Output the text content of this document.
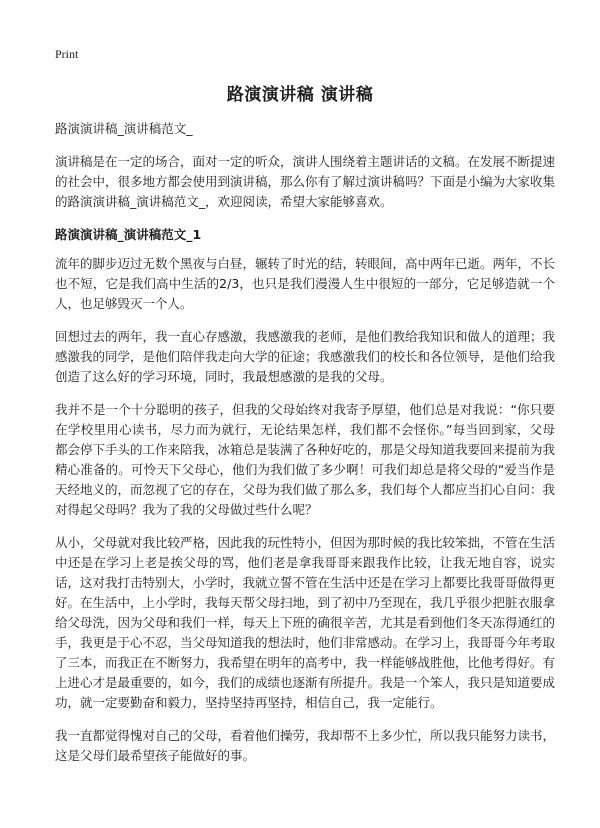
Print
路演演讲稿 演讲稿

路演演讲稿_演讲稿范文_

演讲稿是在一定的场合，面对一定的听众，演讲人围绕着主题讲话的文稿。在发展不断提速的社会中，很多地方都会使用到演讲稿，那么你有了解过演讲稿吗？下面是小编为大家收集的路演演讲稿_演讲稿范文_，欢迎阅读，希望大家能够喜欢。

路演演讲稿_演讲稿范文_1

流年的脚步迈过无数个黑夜与白昼，辗转了时光的结，转眼间，高中两年已逝。两年，不长也不短，它是我们高中生活的2/3，也只是我们漫漫人生中很短的一部分，它足够造就一个人，也足够毁灭一个人。

回想过去的两年，我一直心存感激，我感激我的老师，是他们教给我知识和做人的道理；我感激我的同学，是他们陪伴我走向大学的征途；我感激我们的校长和各位领导，是他们给我创造了这么好的学习环境，同时，我最想感激的是我的父母。

我并不是一个十分聪明的孩子，但我的父母始终对我寄予厚望，他们总是对我说：“你只要在学校里用心读书，尽力而为就行，无论结果怎样，我们都不会怪你。”每当回到家，父母都会停下手头的工作来陪我，冰箱总是装满了各种好吃的，那是父母知道我要回来提前为我精心准备的。可怜天下父母心，他们为我们做了多少啊！可我们却总是将父母的“爱当作是天经地义的，而忽视了它的存在，父母为我们做了那么多，我们每个人都应当扪心自问：我对得起父母吗？我为了我的父母做过些什么呢？

从小，父母就对我比较严格，因此我的玩性特小，但因为那时候的我比较笨拙，不管在生活中还是在学习上老是挨父母的骂，他们老是拿我哥哥来跟我作比较，让我无地自容，说实话，这对我打击特别大，小学时，我就立誓不管在生活中还是在学习上都要比我哥哥做得更好。在生活中，上小学时，我每天帮父母扫地，到了初中乃至现在，我几乎很少把脏衣服拿给父母洗，因为父母和我们一样，每天上下班的确很辛苦，尤其是看到他们冬天冻得通红的手，我更是于心不忍，当父母知道我的想法时，他们非常感动。在学习上，我哥哥今年考取了三本，而我正在不断努力，我希望在明年的高考中，我一样能够战胜他，比他考得好。有上进心才是最重要的，如今，我们的成绩也逐渐有所提升。我是一个笨人，我只是知道要成功，就一定要勤奋和毅力，坚持坚持再坚持，相信自己，我一定能行。

我一直都觉得愧对自己的父母，看着他们操劳，我却帮不上多少忙，所以我只能努力读书，这是父母们最希望孩子能做好的事。
